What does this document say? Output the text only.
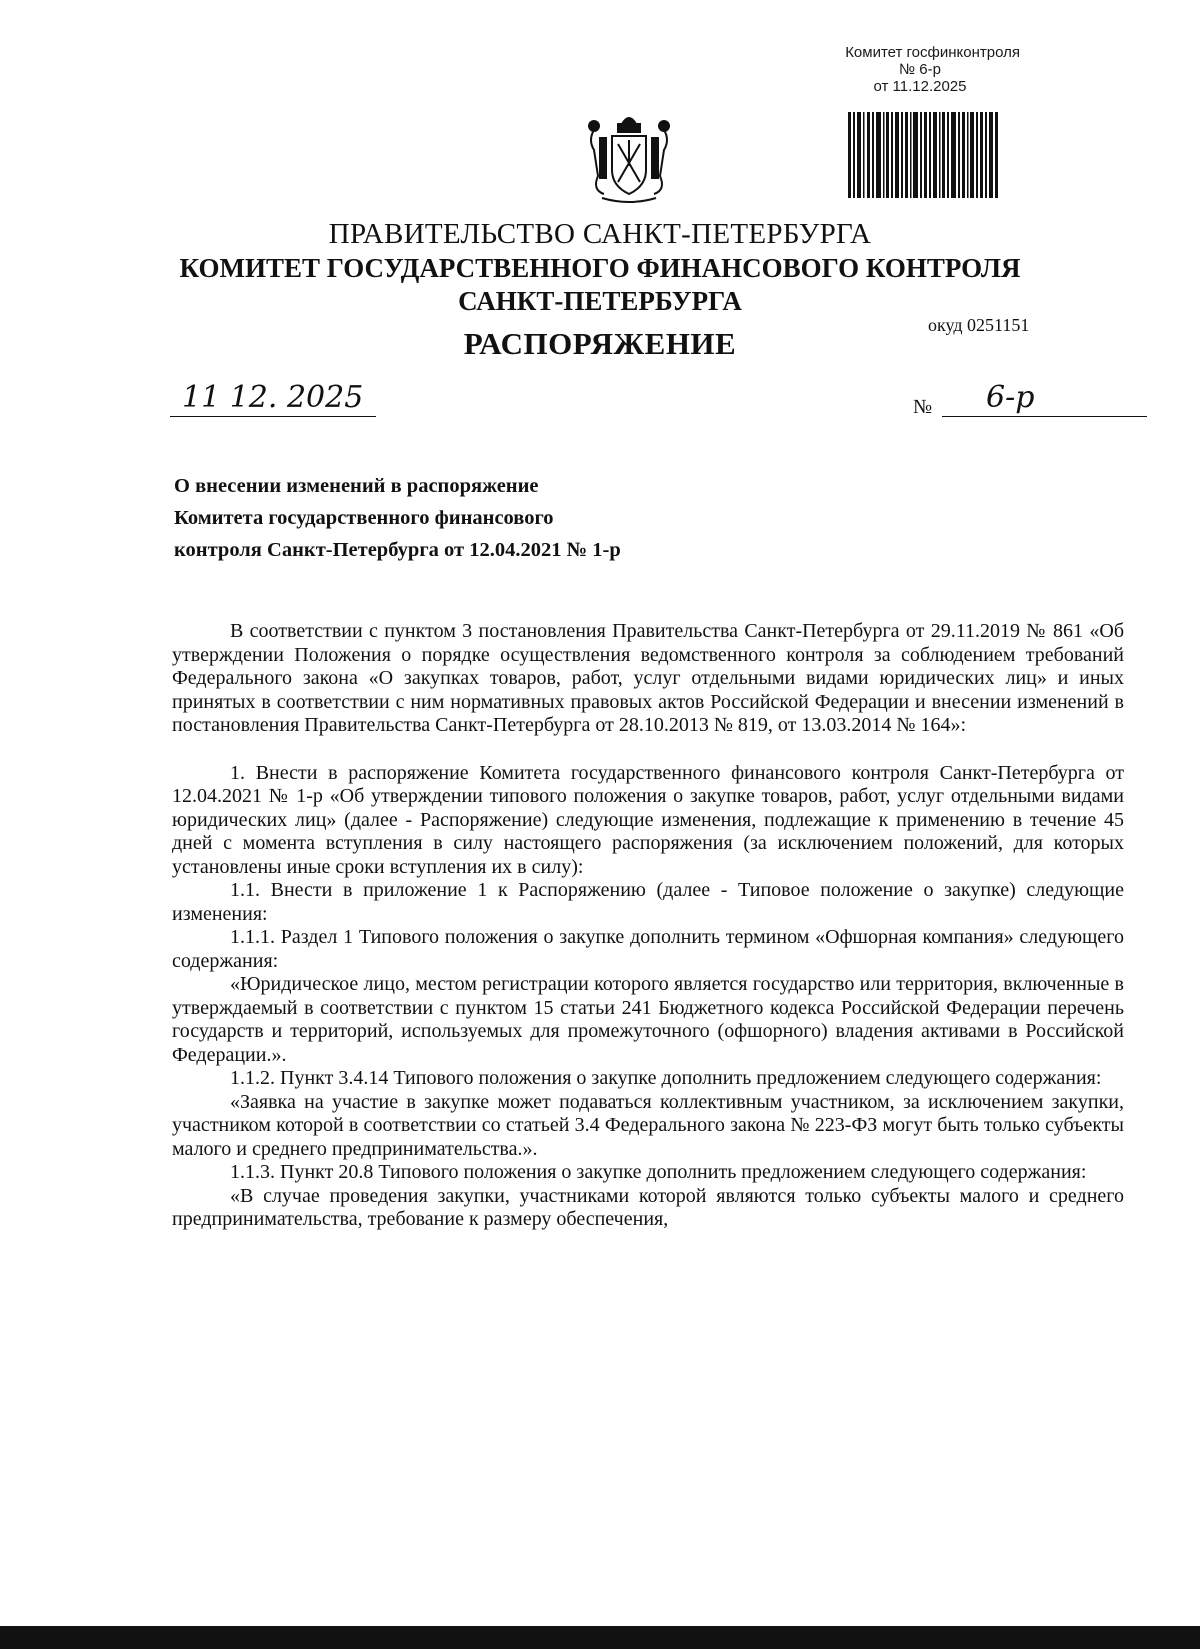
Комитет госфинконтроля
№ 6-р
от 11.12.2025
ПРАВИТЕЛЬСТВО САНКТ-ПЕТЕРБУРГА
КОМИТЕТ ГОСУДАРСТВЕННОГО ФИНАНСОВОГО КОНТРОЛЯ
САНКТ-ПЕТЕРБУРГА
РАСПОРЯЖЕНИЕ
окуд 0251151
11 12. 2025	№	6-р
О внесении изменений в распоряжение
Комитета государственного финансового
контроля Санкт-Петербурга от 12.04.2021 № 1-р

В соответствии с пунктом 3 постановления Правительства Санкт-Петербурга от 29.11.2019 № 861 «Об утверждении Положения о порядке осуществления ведомственного контроля за соблюдением требований Федерального закона «О закупках товаров, работ, услуг отдельными видами юридических лиц» и иных принятых в соответствии с ним нормативных правовых актов Российской Федерации и внесении изменений в постановления Правительства Санкт-Петербурга от 28.10.2013 № 819, от 13.03.2014 № 164»:

1. Внести в распоряжение Комитета государственного финансового контроля Санкт-Петербурга от 12.04.2021 № 1-р «Об утверждении типового положения о закупке товаров, работ, услуг отдельными видами юридических лиц» (далее - Распоряжение) следующие изменения, подлежащие к применению в течение 45 дней с момента вступления в силу настоящего распоряжения (за исключением положений, для которых установлены иные сроки вступления их в силу):

1.1. Внести в приложение 1 к Распоряжению (далее - Типовое положение о закупке) следующие изменения:

1.1.1. Раздел 1 Типового положения о закупке дополнить термином «Офшорная компания» следующего содержания:

«Юридическое лицо, местом регистрации которого является государство или территория, включенные в утверждаемый в соответствии с пунктом 15 статьи 241 Бюджетного кодекса Российской Федерации перечень государств и территорий, используемых для промежуточного (офшорного) владения активами в Российской Федерации.».

1.1.2. Пункт 3.4.14 Типового положения о закупке дополнить предложением следующего содержания:

«Заявка на участие в закупке может подаваться коллективным участником, за исключением закупки, участником которой в соответствии со статьей 3.4 Федерального закона № 223-ФЗ могут быть только субъекты малого и среднего предпринимательства.».

1.1.3. Пункт 20.8 Типового положения о закупке дополнить предложением следующего содержания:

«В случае проведения закупки, участниками которой являются только субъекты малого и среднего предпринимательства, требование к размеру обеспечения,
